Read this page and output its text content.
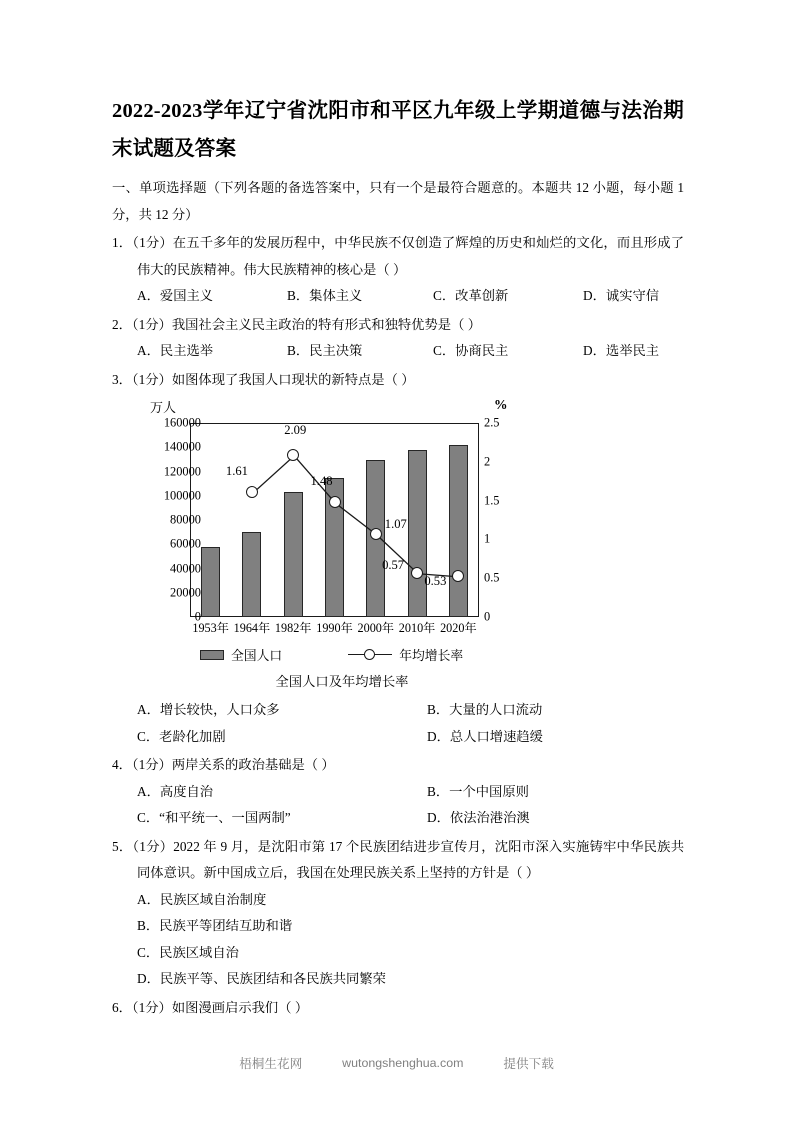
2022-2023学年辽宁省沈阳市和平区九年级上学期道德与法治期末试题及答案
一、单项选择题（下列各题的备选答案中，只有一个是最符合题意的。本题共 12 小题，每小题 1 分，共 12 分）
1．（1分）在五千多年的发展历程中，中华民族不仅创造了辉煌的历史和灿烂的文化，而且形成了伟大的民族精神。伟大民族精神的核心是（ ）
A．爱国主义	B．集体主义	C．改革创新	D．诚实守信
2．（1分）我国社会主义民主政治的特有形式和独特优势是（ ）
A．民主选举	B．民主决策	C．协商民主	D．选举民主
3．（1分）如图体现了我国人口现状的新特点是（ ）
万人	%
160000
140000
120000
100000
80000
60000
40000
20000
0
2.5
2
1.5
1
0.5
0
1953年 1964年 1982年 1990年 2000年 2010年 2020年
1.61
2.09
1.48
1.07
0.57
0.53
全国人口	年均增长率
全国人口及年均增长率
A．增长较快，人口众多	B．大量的人口流动
C．老龄化加剧	D．总人口增速趋缓
4．（1分）两岸关系的政治基础是（ ）
A．高度自治	B．一个中国原则
C．“和平统一、一国两制”	D．依法治港治澳
5．（1分）2022 年 9 月，是沈阳市第 17 个民族团结进步宣传月，沈阳市深入实施铸牢中华民族共同体意识。新中国成立后，我国在处理民族关系上坚持的方针是（ ）
A．民族区域自治制度
B．民族平等团结互助和谐
C．民族区域自治
D．民族平等、民族团结和各民族共同繁荣
6．（1分）如图漫画启示我们（ ）
梧桐生花网	wutongshenghua.com	提供下载
